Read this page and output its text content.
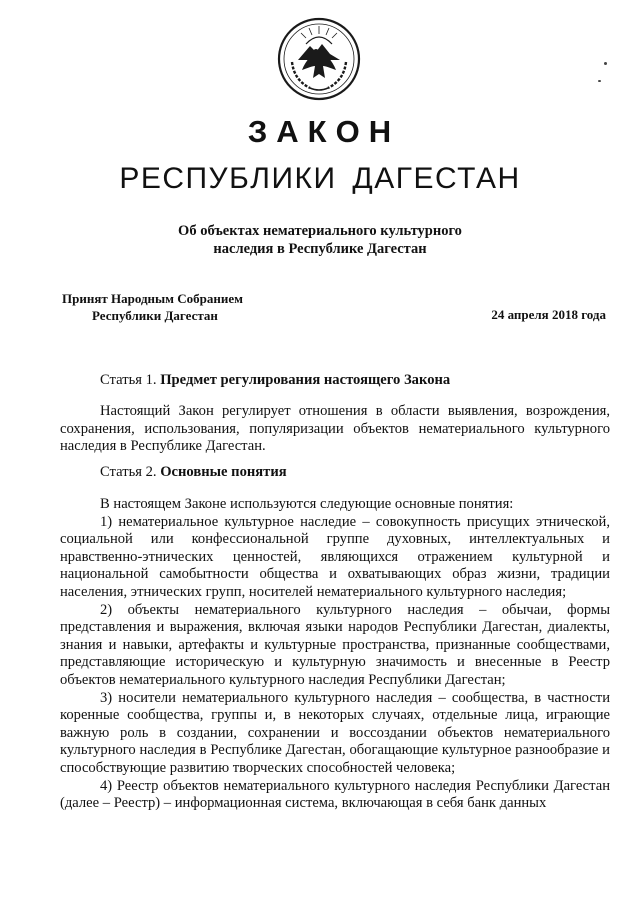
ЗАКОН
РЕСПУБЛИКИ ДАГЕСТАН
Об объектах нематериального культурного
наследия в Республике Дагестан
Принят Народным Собранием
Республики Дагестан	24 апреля 2018 года
Статья 1. Предмет регулирования настоящего Закона

Настоящий Закон регулирует отношения в области выявления, возрождения, сохранения, использования, популяризации объектов нематериального культурного наследия в Республике Дагестан.

Статья 2. Основные понятия

В настоящем Законе используются следующие основные понятия:

1) нематериальное культурное наследие – совокупность присущих этнической, социальной или конфессиональной группе духовных, интеллектуальных и нравственно-этнических ценностей, являющихся отражением культурной и национальной самобытности общества и охватывающих образ жизни, традиции населения, этнических групп, носителей нематериального культурного наследия;

2) объекты нематериального культурного наследия – обычаи, формы представления и выражения, включая языки народов Республики Дагестан, диалекты, знания и навыки, артефакты и культурные пространства, признанные сообществами, представляющие историческую и культурную значимость и внесенные в Реестр объектов нематериального культурного наследия Республики Дагестан;

3) носители нематериального культурного наследия – сообщества, в частности коренные сообщества, группы и, в некоторых случаях, отдельные лица, играющие важную роль в создании, сохранении и воссоздании объектов нематериального культурного наследия в Республике Дагестан, обогащающие культурное разнообразие и способствующие развитию творческих способностей человека;

4) Реестр объектов нематериального культурного наследия Республики Дагестан (далее – Реестр) – информационная система, включающая в себя банк данных
